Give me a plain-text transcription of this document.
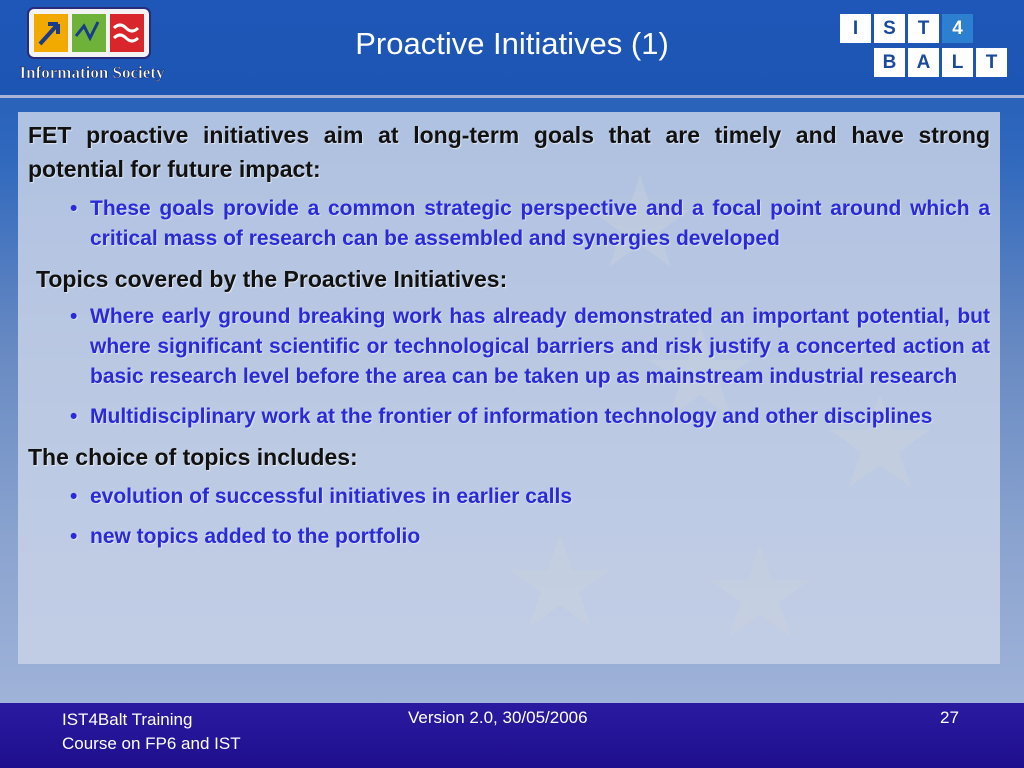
Information Society
Proactive Initiatives (1)	I	S	T	4
B	A	L	T
FET proactive initiatives aim at long-term goals that are timely and have strong potential for future impact:
• These goals provide a common strategic perspective and a focal point around which a critical mass of research can be assembled and synergies developed
Topics covered by the Proactive Initiatives:
• Where early ground breaking work has already demonstrated an important potential, but where significant scientific or technological barriers and risk justify a concerted action at basic research level before the area can be taken up as mainstream industrial research
• Multidisciplinary work at the frontier of information technology and other disciplines
The choice of topics includes:
• evolution of successful initiatives in earlier calls
• new topics added to the portfolio
IST4Balt Training
Course on FP6 and IST
Version 2.0, 30/05/2006	27
